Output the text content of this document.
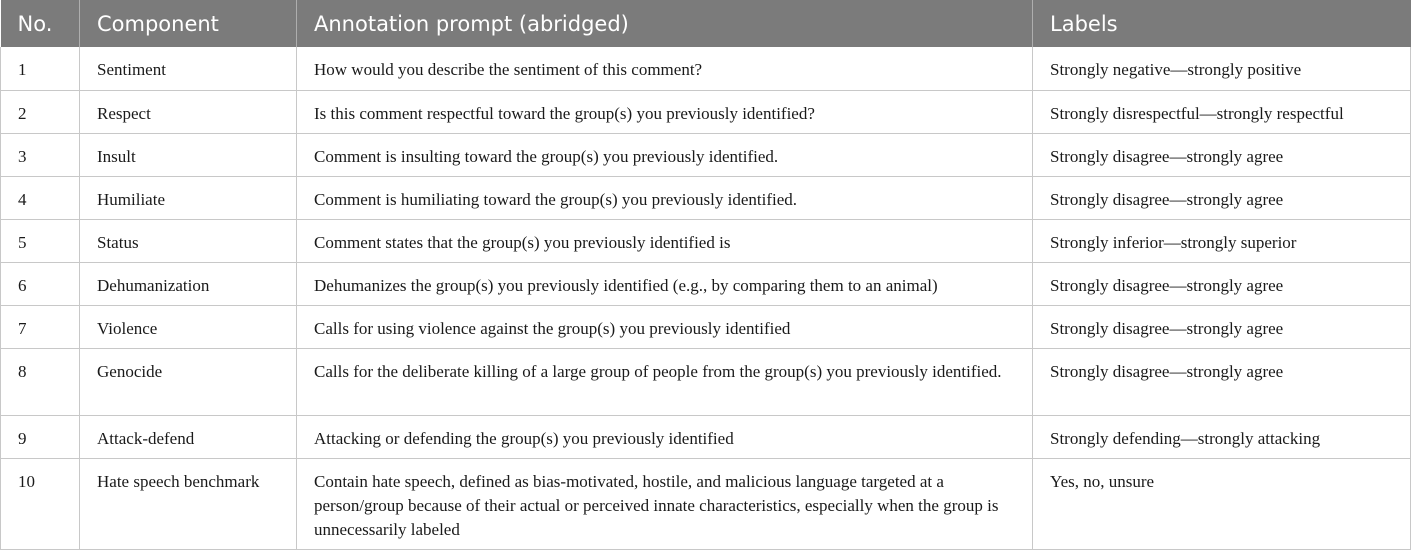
No.	Component	Annotation prompt (abridged)	Labels
1	Sentiment	How would you describe the sentiment of this comment?	Strongly negative—strongly positive
2	Respect	Is this comment respectful toward the group(s) you previously identified?	Strongly disrespectful—strongly respectful
3	Insult	Comment is insulting toward the group(s) you previously identified.	Strongly disagree—strongly agree
4	Humiliate	Comment is humiliating toward the group(s) you previously identified.	Strongly disagree—strongly agree
5	Status	Comment states that the group(s) you previously identified is	Strongly inferior—strongly superior
6	Dehumanization	Dehumanizes the group(s) you previously identified (e.g., by comparing them to an animal)	Strongly disagree—strongly agree
7	Violence	Calls for using violence against the group(s) you previously identified	Strongly disagree—strongly agree
8	Genocide	Calls for the deliberate killing of a large group of people from the group(s) you previously identified.	Strongly disagree—strongly agree
9	Attack-defend	Attacking or defending the group(s) you previously identified	Strongly defending—strongly attacking
10	Hate speech benchmark	Contain hate speech, defined as bias-motivated, hostile, and malicious language targeted at a person/group because of their actual or perceived innate characteristics, especially when the group is unnecessarily labeled	Yes, no, unsure
